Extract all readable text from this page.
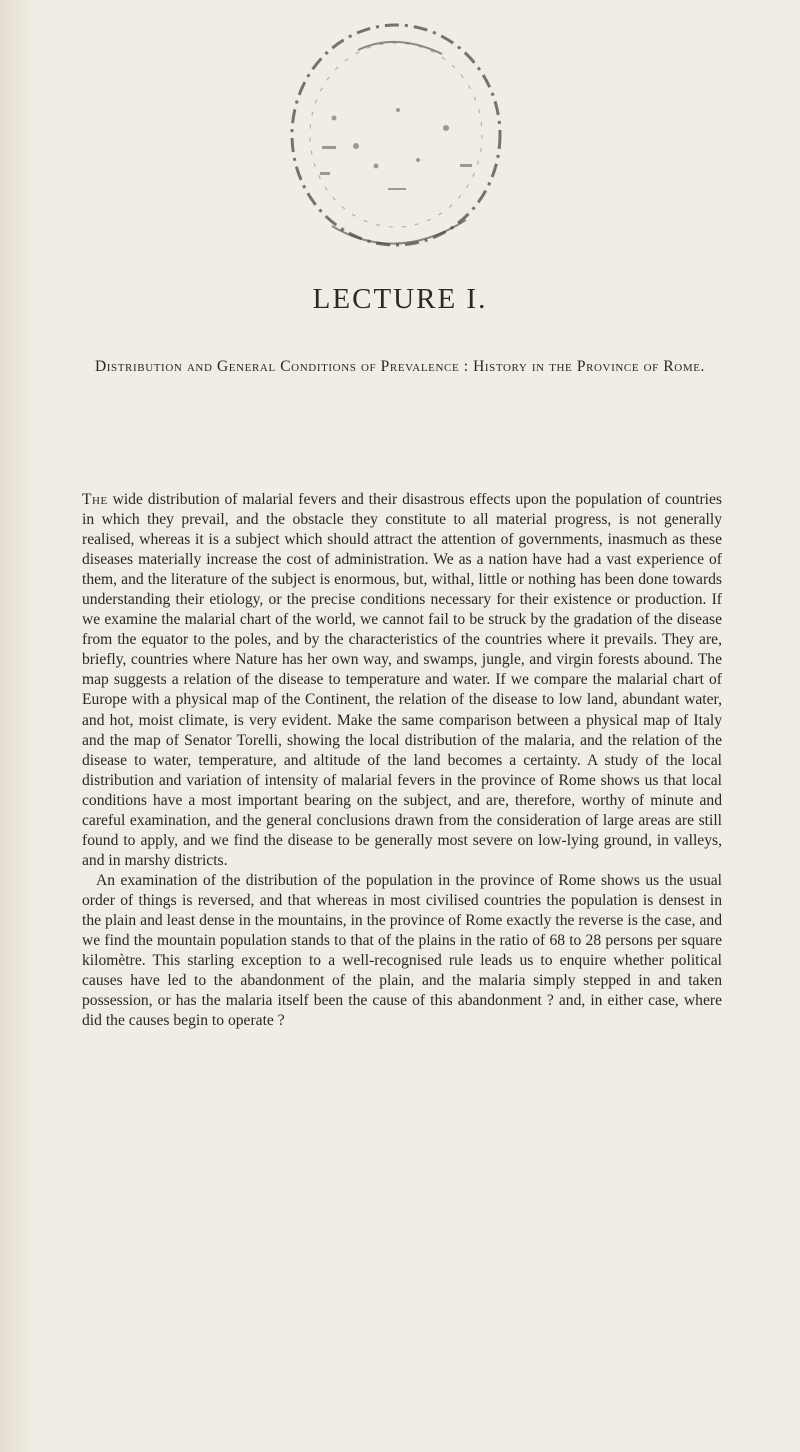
LECTURE I.
Distribution and General Conditions of Prevalence : History in the Province of Rome.

The wide distribution of malarial fevers and their disastrous effects upon the population of countries in which they prevail, and the obstacle they constitute to all material progress, is not generally realised, whereas it is a subject which should attract the attention of governments, inasmuch as these diseases materially increase the cost of administration. We as a nation have had a vast experience of them, and the literature of the subject is enormous, but, withal, little or nothing has been done towards understanding their etiology, or the precise conditions necessary for their existence or production. If we examine the malarial chart of the world, we cannot fail to be struck by the gradation of the disease from the equator to the poles, and by the characteristics of the countries where it prevails. They are, briefly, countries where Nature has her own way, and swamps, jungle, and virgin forests abound. The map suggests a relation of the disease to temperature and water. If we compare the malarial chart of Europe with a physical map of the Continent, the relation of the disease to low land, abundant water, and hot, moist climate, is very evident. Make the same comparison between a physical map of Italy and the map of Senator Torelli, showing the local distribution of the malaria, and the relation of the disease to water, temperature, and altitude of the land becomes a certainty. A study of the local distribution and variation of intensity of malarial fevers in the province of Rome shows us that local conditions have a most important bearing on the subject, and are, therefore, worthy of minute and careful examination, and the general conclusions drawn from the consideration of large areas are still found to apply, and we find the disease to be generally most severe on low-lying ground, in valleys, and in marshy districts.

An examination of the distribution of the population in the province of Rome shows us the usual order of things is reversed, and that whereas in most civilised countries the population is densest in the plain and least dense in the mountains, in the province of Rome exactly the reverse is the case, and we find the mountain population stands to that of the plains in the ratio of 68 to 28 persons per square kilomètre. This starling exception to a well-recognised rule leads us to enquire whether political causes have led to the abandonment of the plain, and the malaria simply stepped in and taken possession, or has the malaria itself been the cause of this abandonment ? and, in either case, where did the causes begin to operate ?
